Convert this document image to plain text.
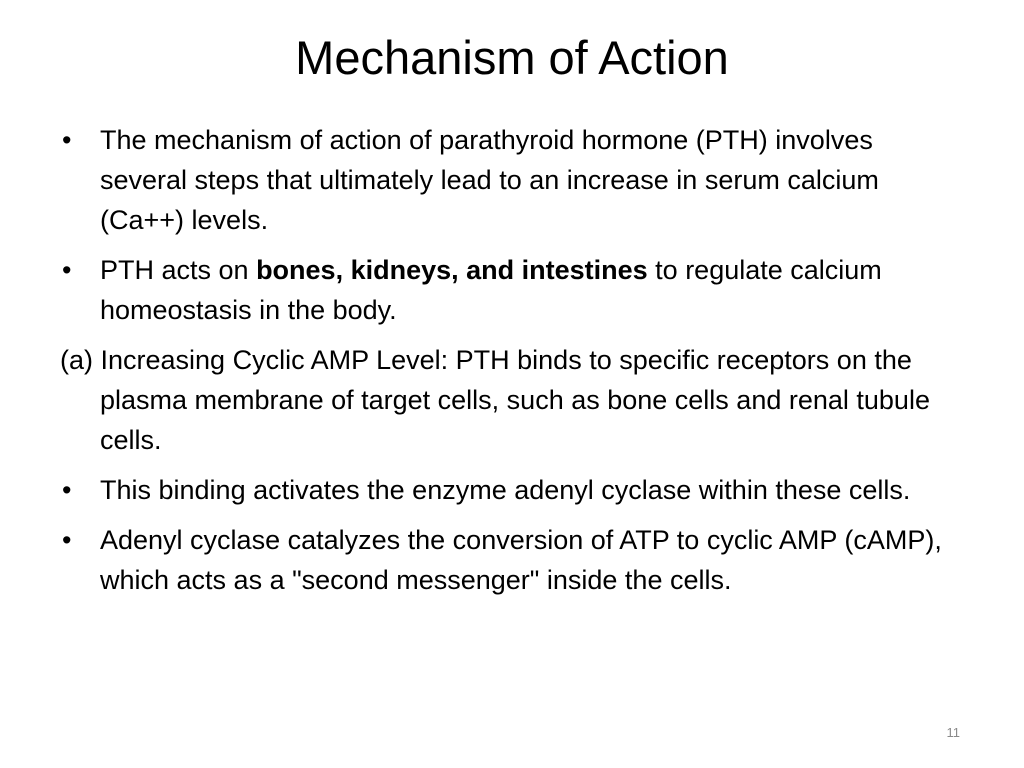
Mechanism of Action
• The mechanism of action of parathyroid hormone (PTH) involves several steps that ultimately lead to an increase in serum calcium (Ca++) levels.
• PTH acts on bones, kidneys, and intestines to regulate calcium homeostasis in the body.
(a) Increasing Cyclic AMP Level: PTH binds to specific receptors on the plasma membrane of target cells, such as bone cells and renal tubule cells.
• This binding activates the enzyme adenyl cyclase within these cells.
• Adenyl cyclase catalyzes the conversion of ATP to cyclic AMP (cAMP), which acts as a "second messenger" inside the cells.
11
